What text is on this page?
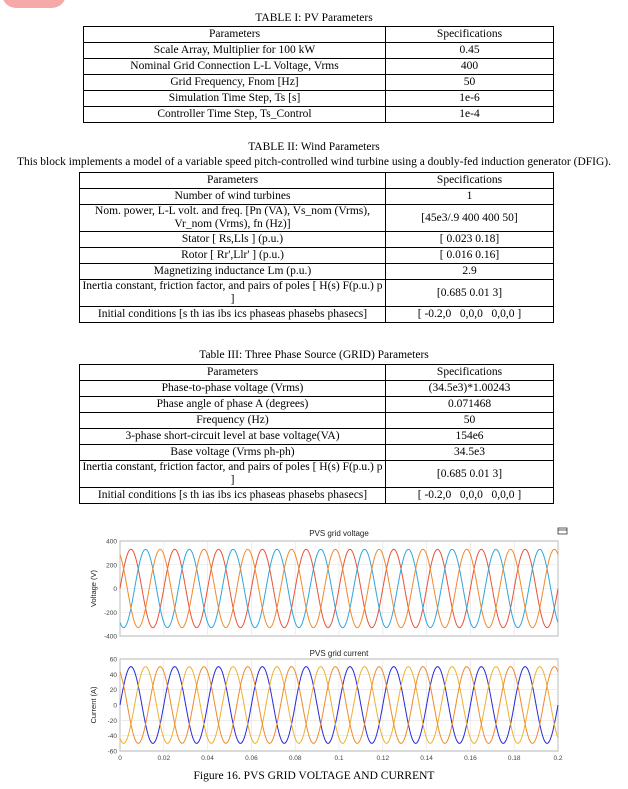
TABLE I: PV Parameters
Parameters	Specifications
Scale Array, Multiplier for 100 kW	0.45
Nominal Grid Connection L-L Voltage, Vrms	400
Grid Frequency, Fnom [Hz]	50
Simulation Time Step, Ts [s]	1e-6
Controller Time Step, Ts_Control	1e-4
TABLE II: Wind Parameters
This block implements a model of a variable speed pitch-controlled wind turbine using a doubly-fed induction generator (DFIG).
Parameters	Specifications
Number of wind turbines	1
Nom. power, L-L volt. and freq. [Pn (VA), Vs_nom (Vrms), Vr_nom (Vrms), fn (Hz)]	[45e3/.9 400 400 50]
Stator [ Rs,Lls ] (p.u.)	[ 0.023 0.18]
Rotor [ Rr',Llr' ] (p.u.)	[ 0.016 0.16]
Magnetizing inductance Lm (p.u.)	2.9
Inertia constant, friction factor, and pairs of poles [ H(s) F(p.u.) p ]	[0.685 0.01 3]
Initial conditions [s th ias ibs ics phaseas phasebs phasecs]	[ -0.2,0   0,0,0   0,0,0 ]
Table III: Three Phase Source (GRID) Parameters
Parameters	Specifications
Phase-to-phase voltage (Vrms)	(34.5e3)*1.00243
Phase angle of phase A (degrees)	0.071468
Frequency (Hz)	50
3-phase short-circuit level at base voltage(VA)	154e6
Base voltage (Vrms ph-ph)	34.5e3
Inertia constant, friction factor, and pairs of poles [ H(s) F(p.u.) p ]	[0.685 0.01 3]
Initial conditions [s th ias ibs ics phaseas phasebs phasecs]	[ -0.2,0   0,0,0   0,0,0 ]
-400
-200
0
200
400
PVS grid voltage
Voltage (V)
-60
-40
-20
0
20
40
60
PVS grid current
Current (A)
0	0.02	0.04	0.06	0.08	0.1	0.12	0.14	0.16	0.18	0.2
Figure 16. PVS GRID VOLTAGE AND CURRENT
